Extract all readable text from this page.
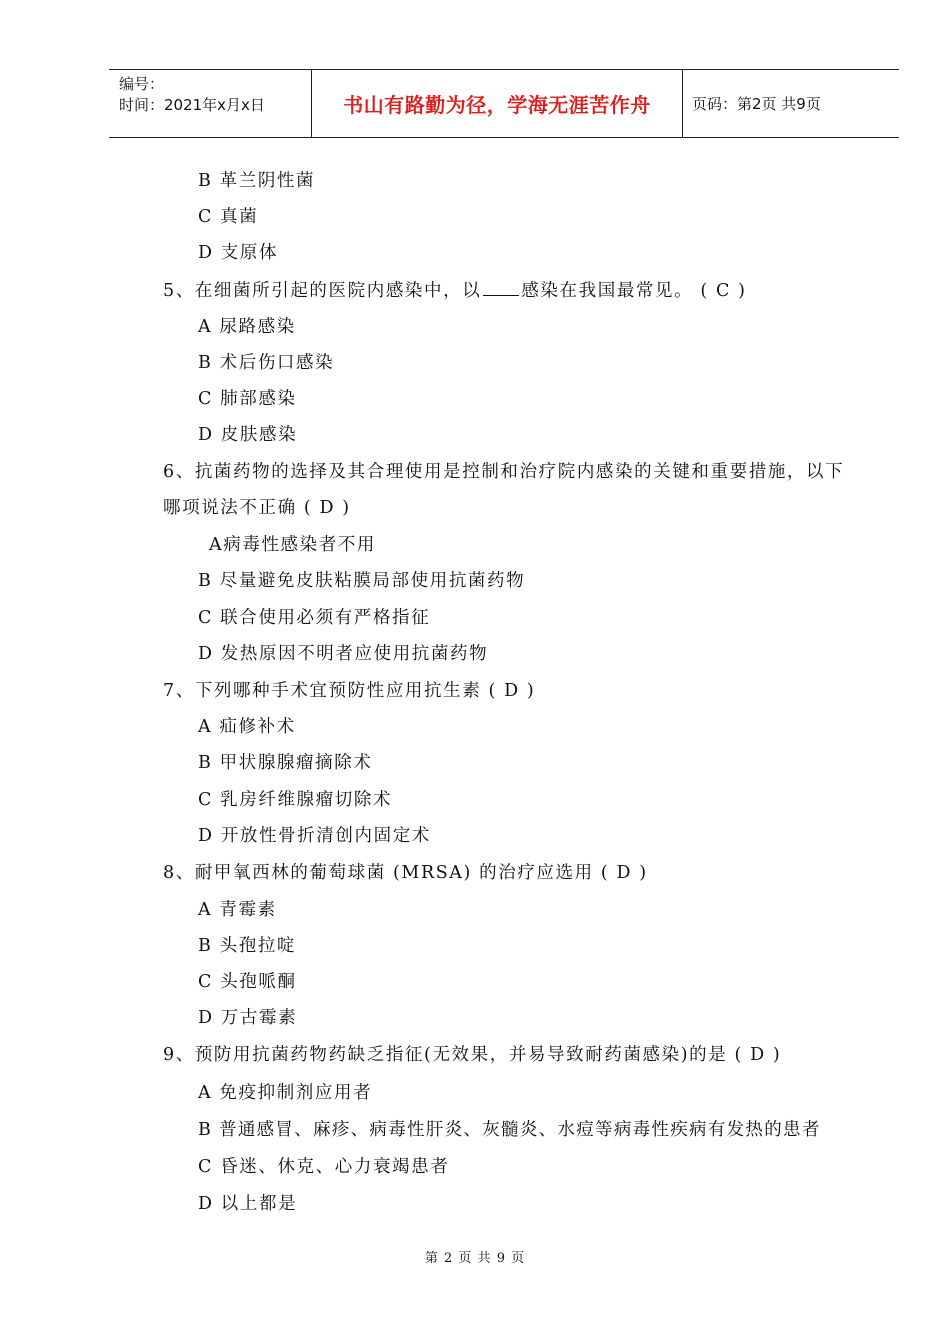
编号：
时间：2021年x月x日	书山有路勤为径，学海无涯苦作舟	页码：第2页 共9页
B 革兰阴性菌
C 真菌
D 支原体
5、在细菌所引起的医院内感染中，以 感染在我国最常见。 ( C )
A 尿路感染
B 术后伤口感染
C 肺部感染
D 皮肤感染
6、抗菌药物的选择及其合理使用是控制和治疗院内感染的关键和重要措施，以下
哪项说法不正确 ( D )
A病毒性感染者不用
B 尽量避免皮肤粘膜局部使用抗菌药物
C 联合使用必须有严格指征
D 发热原因不明者应使用抗菌药物
7、下列哪种手术宜预防性应用抗生素 ( D )
A 疝修补术
B 甲状腺腺瘤摘除术
C 乳房纤维腺瘤切除术
D 开放性骨折清创内固定术
8、耐甲氧西林的葡萄球菌 (MRSA) 的治疗应选用 ( D )
A 青霉素
B 头孢拉啶
C 头孢哌酮
D 万古霉素
9、预防用抗菌药物药缺乏指征(无效果，并易导致耐药菌感染)的是 ( D )
A 免疫抑制剂应用者
B 普通感冒、麻疹、病毒性肝炎、灰髓炎、水痘等病毒性疾病有发热的患者
C 昏迷、休克、心力衰竭患者
D 以上都是
第 2 页 共 9 页
